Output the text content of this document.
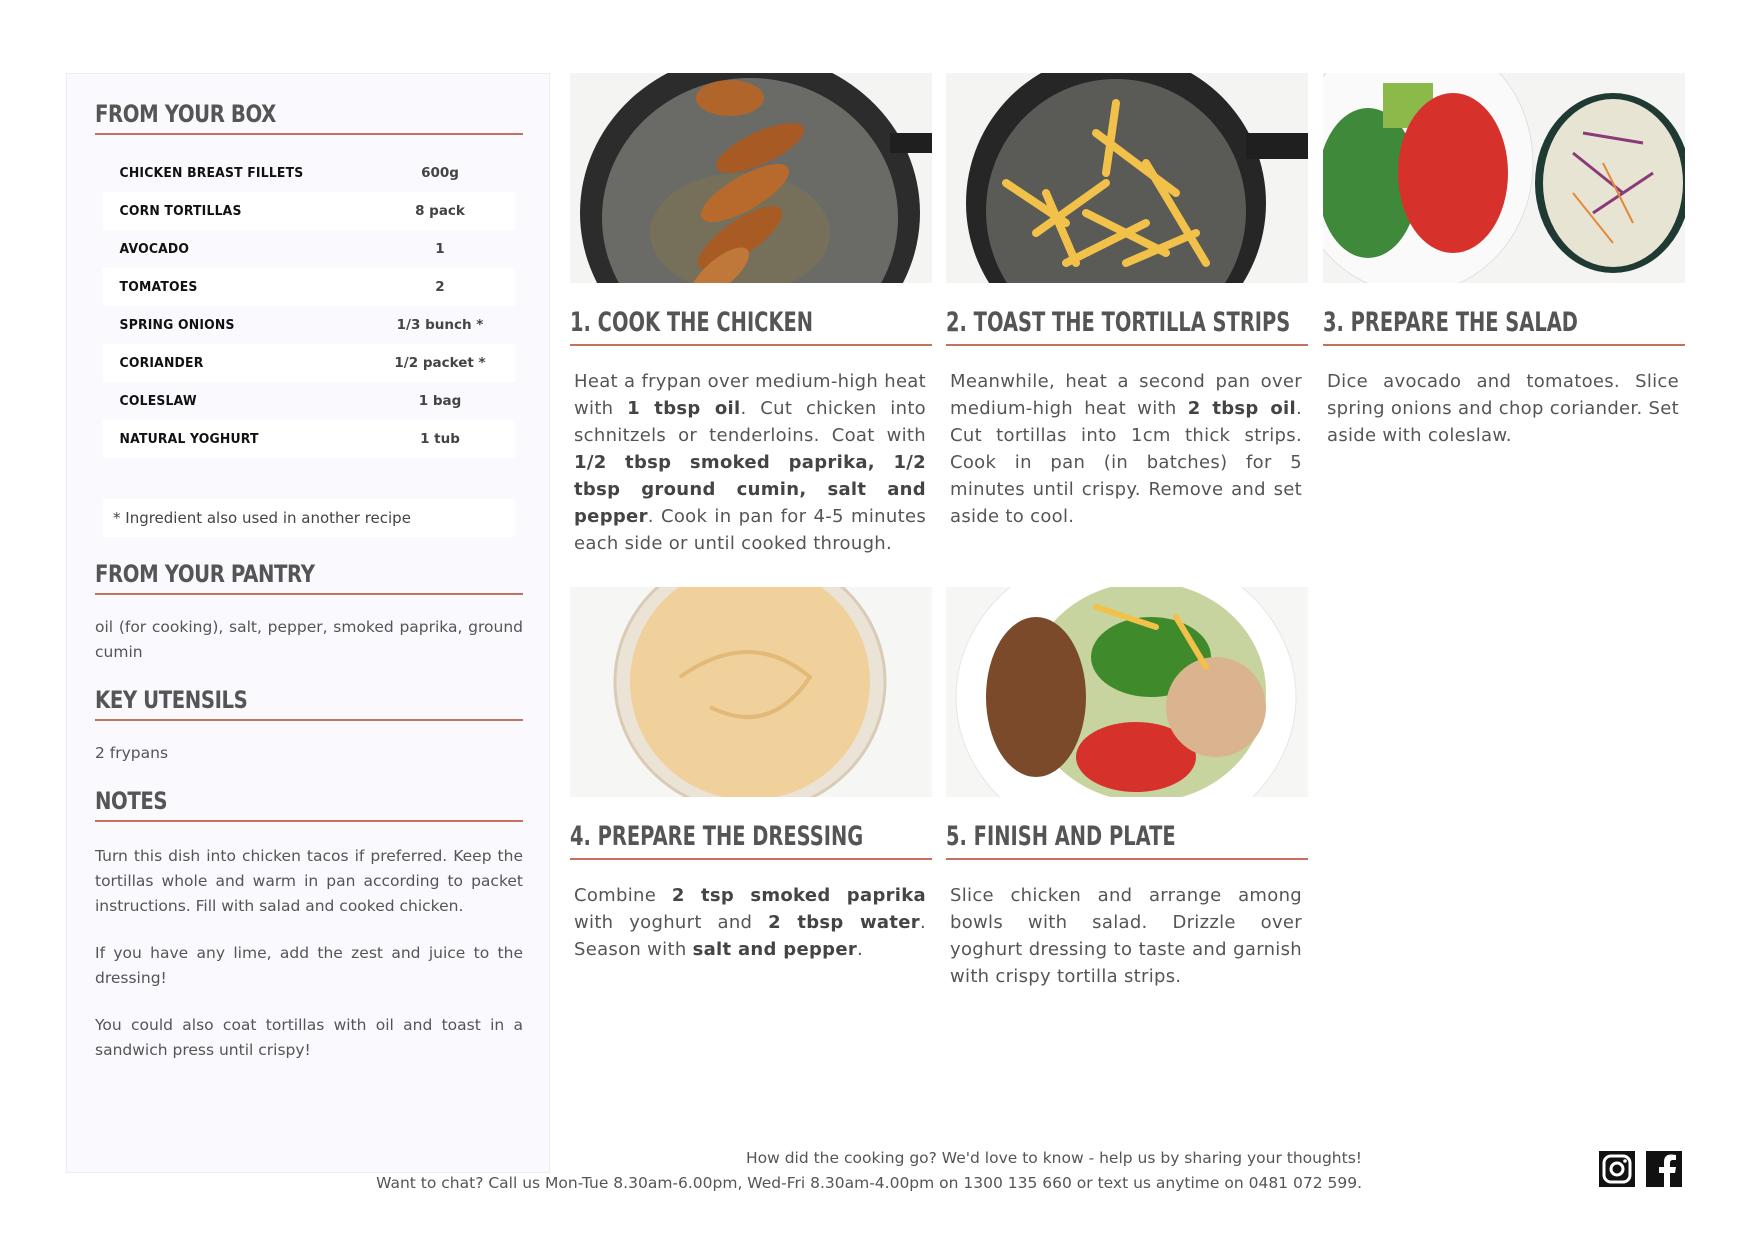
FROM YOUR BOX
CHICKEN BREAST FILLETS	600g
CORN TORTILLAS	8 pack
AVOCADO	1
TOMATOES	2
SPRING ONIONS	1/3 bunch *
CORIANDER	1/2 packet *
COLESLAW	1 bag
NATURAL YOGHURT	1 tub
* Ingredient also used in another recipe
FROM YOUR PANTRY
oil (for cooking), salt, pepper, smoked paprika, ground cumin
KEY UTENSILS
2 frypans
NOTES

Turn this dish into chicken tacos if preferred. Keep the tortillas whole and warm in pan according to packet instructions. Fill with salad and cooked chicken.

If you have any lime, add the zest and juice to the dressing!

You could also coat tortillas with oil and toast in a sandwich press until crispy!

1. COOK THE CHICKEN
Heat a frypan over medium-high heat with 1 tbsp oil. Cut chicken into schnitzels or tenderloins. Coat with 1/2 tbsp smoked paprika, 1/2 tbsp ground cumin, salt and pepper. Cook in pan for 4-5 minutes each side or until cooked through.
2. TOAST THE TORTILLA STRIPS
Meanwhile, heat a second pan over medium-high heat with 2 tbsp oil. Cut tortillas into 1cm thick strips. Cook in pan (in batches) for 5 minutes until crispy. Remove and set aside to cool.
3. PREPARE THE SALAD
Dice avocado and tomatoes. Slice spring onions and chop coriander. Set aside with coleslaw.
4. PREPARE THE DRESSING
Combine 2 tsp smoked paprika with yoghurt and 2 tbsp water. Season with salt and pepper.
5. FINISH AND PLATE
Slice chicken and arrange among bowls with salad. Drizzle over yoghurt dressing to taste and garnish with crispy tortilla strips.
How did the cooking go? We'd love to know - help us by sharing your thoughts!
Want to chat? Call us Mon-Tue 8.30am-6.00pm, Wed-Fri 8.30am-4.00pm on 1300 135 660 or text us anytime on 0481 072 599.
